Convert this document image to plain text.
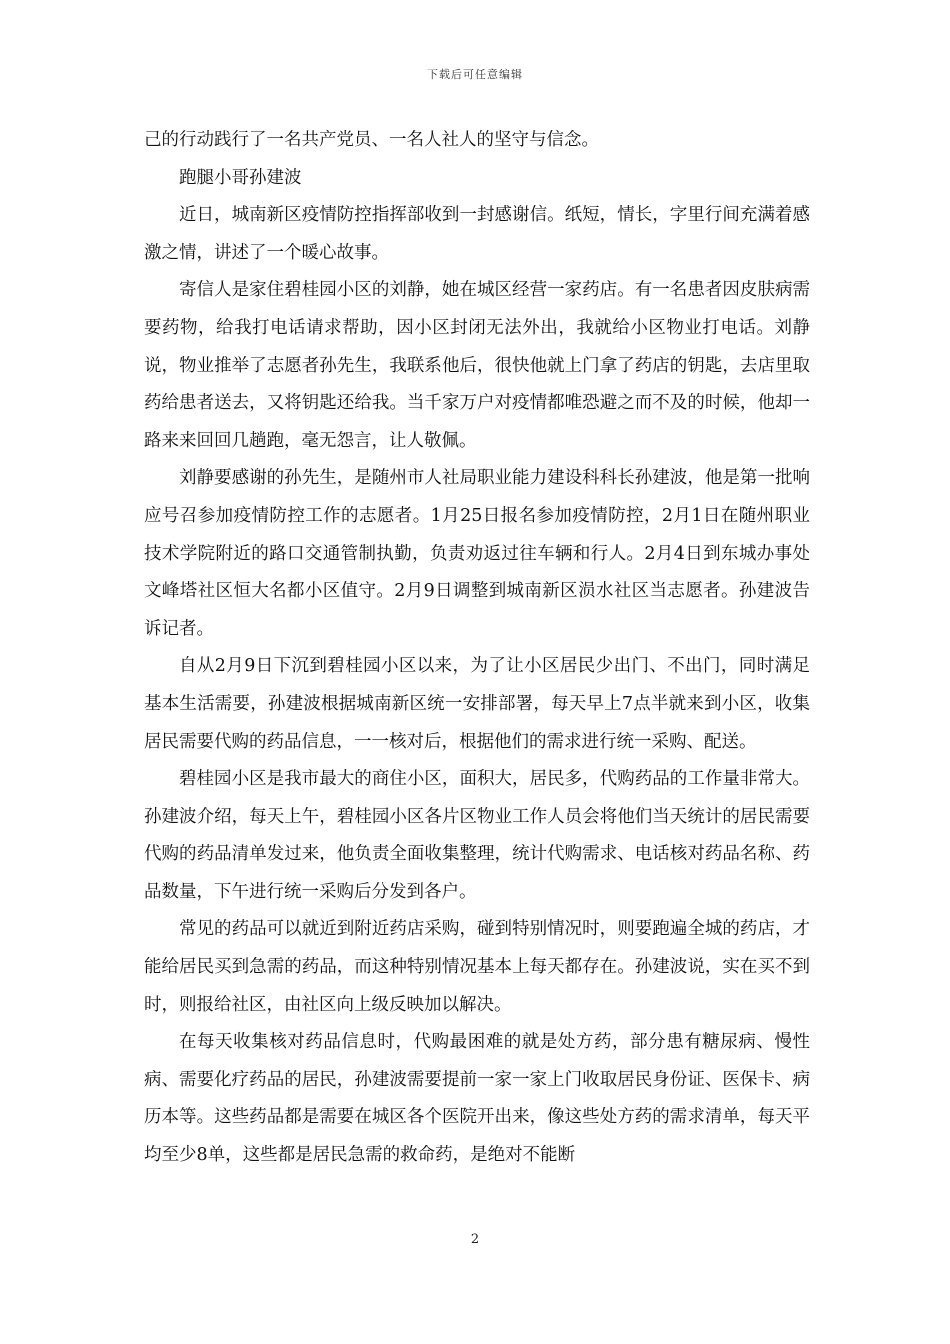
下载后可任意编辑

己的行动践行了一名共产党员、一名人社人的坚守与信念。

跑腿小哥孙建波

近日，城南新区疫情防控指挥部收到一封感谢信。纸短，情长，字里行间充满着感激之情，讲述了一个暖心故事。

寄信人是家住碧桂园小区的刘静，她在城区经营一家药店。有一名患者因皮肤病需要药物，给我打电话请求帮助，因小区封闭无法外出，我就给小区物业打电话。刘静说，物业推举了志愿者孙先生，我联系他后，很快他就上门拿了药店的钥匙，去店里取药给患者送去，又将钥匙还给我。当千家万户对疫情都唯恐避之而不及的时候，他却一路来来回回几趟跑，毫无怨言，让人敬佩。

刘静要感谢的孙先生，是随州市人社局职业能力建设科科长孙建波，他是第一批响应号召参加疫情防控工作的志愿者。1月25日报名参加疫情防控，2月1日在随州职业技术学院附近的路口交通管制执勤，负责劝返过往车辆和行人。2月4日到东城办事处文峰塔社区恒大名都小区值守。2月9日调整到城南新区涢水社区当志愿者。孙建波告诉记者。

自从2月9日下沉到碧桂园小区以来，为了让小区居民少出门、不出门，同时满足基本生活需要，孙建波根据城南新区统一安排部署，每天早上7点半就来到小区，收集居民需要代购的药品信息，一一核对后，根据他们的需求进行统一采购、配送。

碧桂园小区是我市最大的商住小区，面积大，居民多，代购药品的工作量非常大。孙建波介绍，每天上午，碧桂园小区各片区物业工作人员会将他们当天统计的居民需要代购的药品清单发过来，他负责全面收集整理，统计代购需求、电话核对药品名称、药品数量，下午进行统一采购后分发到各户。

常见的药品可以就近到附近药店采购，碰到特别情况时，则要跑遍全城的药店，才能给居民买到急需的药品，而这种特别情况基本上每天都存在。孙建波说，实在买不到时，则报给社区，由社区向上级反映加以解决。

在每天收集核对药品信息时，代购最困难的就是处方药，部分患有糖尿病、慢性病、需要化疗药品的居民，孙建波需要提前一家一家上门收取居民身份证、医保卡、病历本等。这些药品都是需要在城区各个医院开出来，像这些处方药的需求清单，每天平均至少8单，这些都是居民急需的救命药，是绝对不能断

2
